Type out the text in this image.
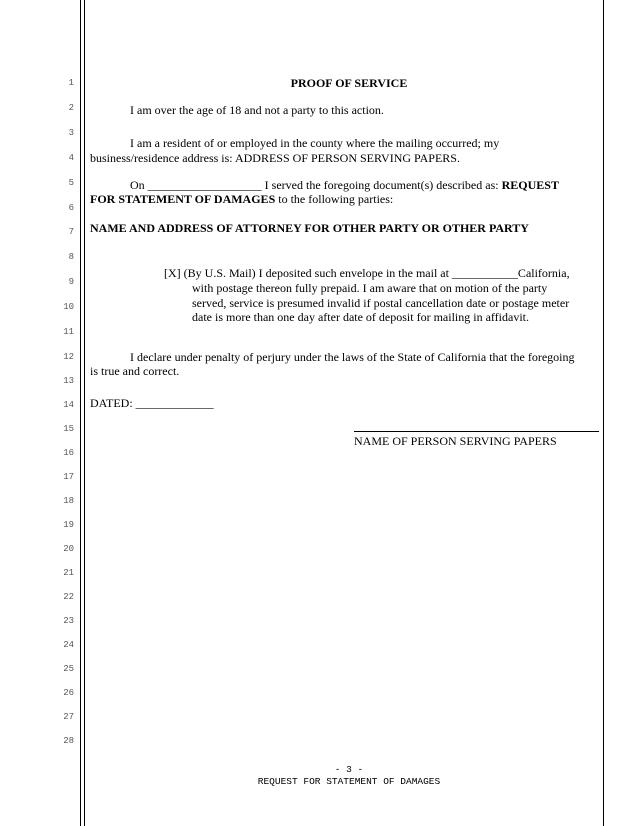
1
2
3
4
5
6
7
8
9
10
11
12
13
14
15
16
17
18
19
20
21
22
23
24
25
26
27
28
PROOF OF SERVICE
I am over the age of 18 and not a party to this action.
I am a resident of or employed in the county where the mailing occurred; my
business/residence address is: ADDRESS OF PERSON SERVING PAPERS.
On ___________________ I served the foregoing document(s) described as: REQUEST
FOR STATEMENT OF DAMAGES to the following parties:
NAME AND ADDRESS OF ATTORNEY FOR OTHER PARTY OR OTHER PARTY
[X] (By U.S. Mail) I deposited such envelope in the mail at ___________California,
with postage thereon fully prepaid. I am aware that on motion of the party
served, service is presumed invalid if postal cancellation date or postage meter
date is more than one day after date of deposit for mailing in affidavit.
I declare under penalty of perjury under the laws of the State of California that the foregoing
is true and correct.
DATED: _____________
NAME OF PERSON SERVING PAPERS
- 3 -
REQUEST FOR STATEMENT OF DAMAGES
